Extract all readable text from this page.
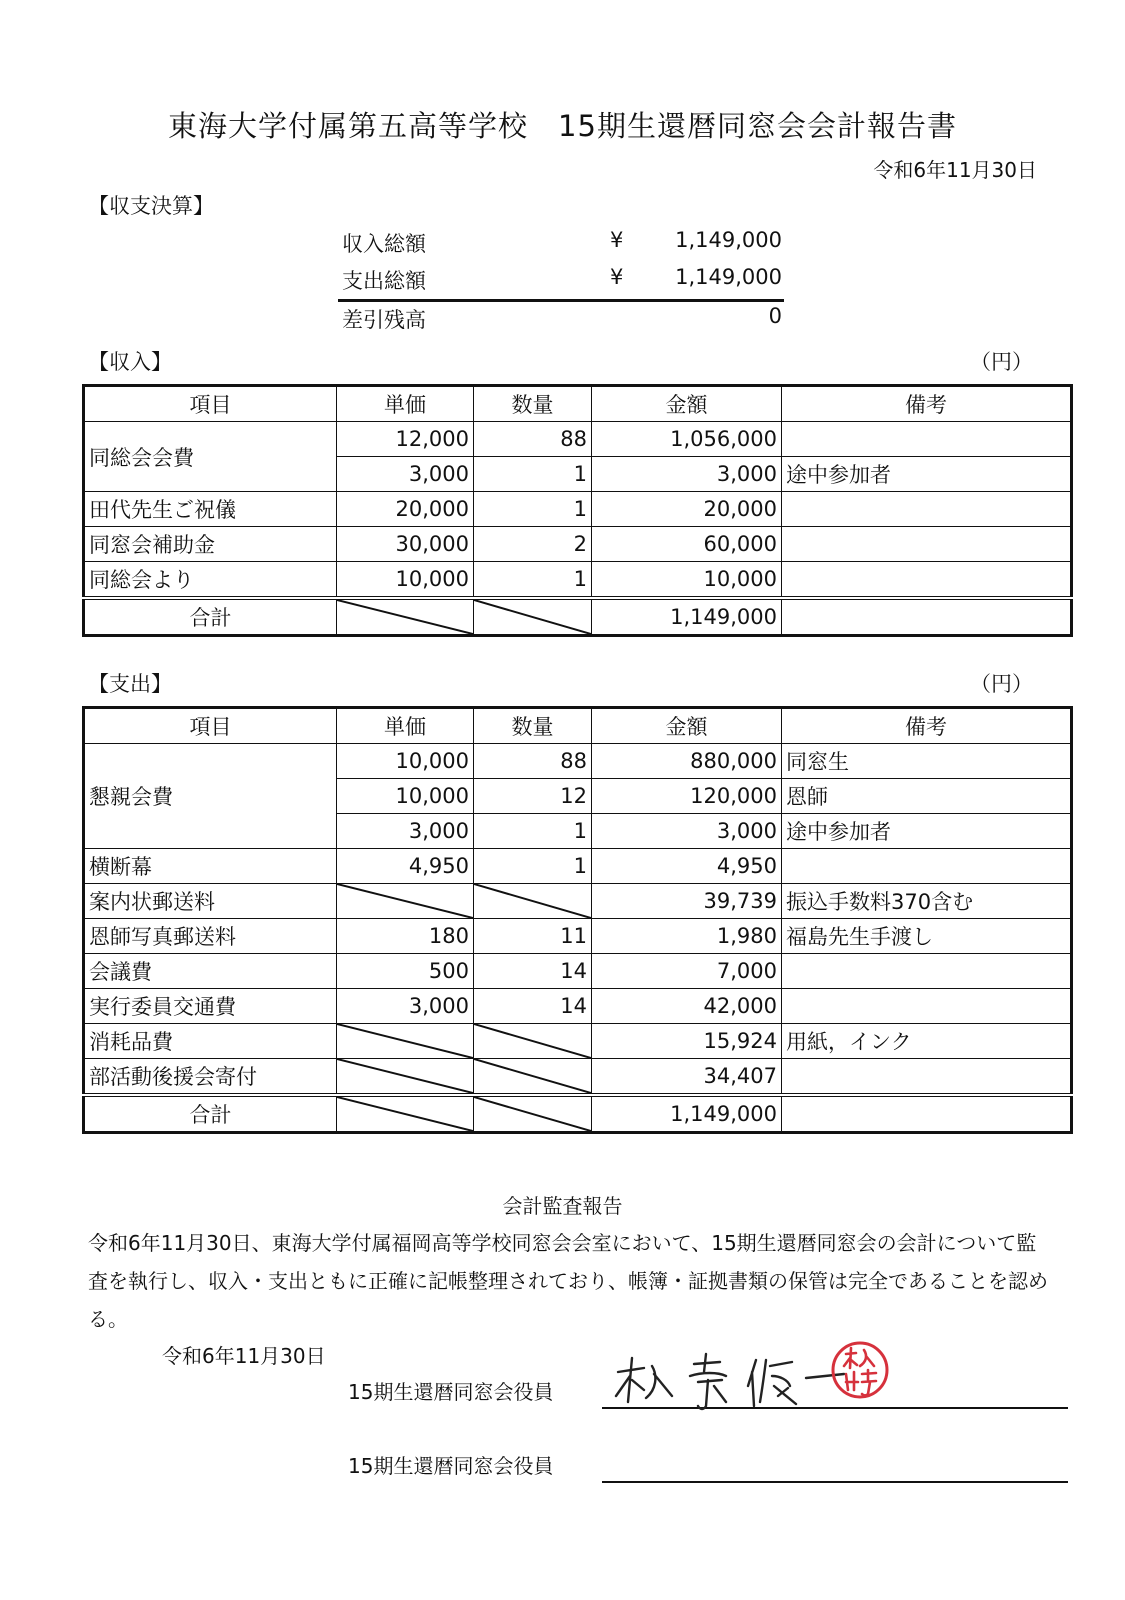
東海大学付属第五高等学校　15期生還暦同窓会会計報告書
令和6年11月30日
【収支決算】
収入総額	¥ 1,149,000
支出総額	¥ 1,149,000
差引残高	0
【収入】	（円）
項目	単価	数量	金額	備考
同総会会費	12,000	88	1,056,000	
	3,000	1	3,000	途中参加者
田代先生ご祝儀	20,000	1	20,000	
同窓会補助金	30,000	2	60,000	
同総会より	10,000	1	10,000	
合計			1,149,000	
【支出】	（円）
項目	単価	数量	金額	備考
懇親会費	10,000	88	880,000	同窓生
	10,000	12	120,000	恩師
	3,000	1	3,000	途中参加者
横断幕	4,950	1	4,950	
案内状郵送料			39,739	振込手数料370含む
恩師写真郵送料	180	11	1,980	福島先生手渡し
会議費	500	14	7,000	
実行委員交通費	3,000	14	42,000	
消耗品費			15,924	用紙，インク
部活動後援会寄付			34,407	
合計			1,149,000	
会計監査報告
令和6年11月30日、東海大学付属福岡高等学校同窓会会室において、15期生還暦同窓会の会計について監査を執行し、収入・支出ともに正確に記帳整理されており、帳簿・証拠書類の保管は完全であることを認める。
令和6年11月30日
15期生還暦同窓会役員
15期生還暦同窓会役員
